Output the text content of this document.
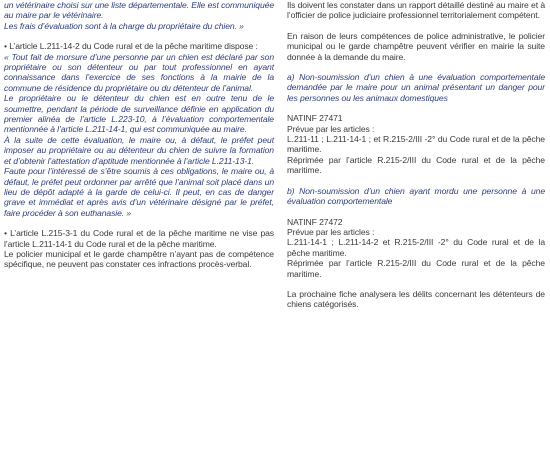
un vétérinaire choisi sur une liste départementale. Elle est communiquée au maire par le vétérinaire.

Les frais d’évaluation sont à la charge du propriétaire du chien. »

• L’article L.211-14-2 du Code rural et de la pêche maritime dispose :

« Tout fait de morsure d’une personne par un chien est déclaré par son propriétaire ou son détenteur ou par tout professionnel en ayant connaissance dans l’exercice de ses fonctions à la mairie de la commune de résidence du propriétaire ou du détenteur de l’animal.

Le propriétaire ou le détenteur du chien est en outre tenu de le soumettre, pendant la période de surveillance définie en application du premier alinéa de l’article L.223-10, à l’évaluation comportementale mentionnée à l’article L.211-14-1, qui est communiquée au maire.

À la suite de cette évaluation, le maire ou, à défaut, le préfet peut imposer au propriétaire ou au détenteur du chien de suivre la formation et d’obtenir l’attestation d’aptitude mentionnée à l’article L.211-13-1.

Faute pour l’intéressé de s’être soumis à ces obligations, le maire ou, à défaut, le préfet peut ordonner par arrêté que l’animal soit placé dans un lieu de dépôt adapté à la garde de celui-ci. Il peut, en cas de danger grave et immédiat et après avis d’un vétérinaire désigné par le préfet, faire procéder à son euthanasie. »

• L’article L.215-3-1 du Code rural et de la pêche maritime ne vise pas l’article L.211-14-1 du Code rural et de la pêche maritime.

Le policier municipal et le garde champêtre n’ayant pas de compétence spécifique, ne peuvent pas constater ces infractions procès-verbal.

Ils doivent les constater dans un rapport détaillé destiné au maire et à l’officier de police judiciaire professionnel territorialement compétent.

En raison de leurs compétences de police administrative, le policier municipal ou le garde champêtre peuvent vérifier en mairie la suite donnée à la demande du maire.

a) Non-soumission d’un chien à une évaluation comportementale demandée par le maire pour un animal présentant un danger pour les personnes ou les animaux domestiques

NATINF 27471

Prévue par les articles :

L.211-11 ; L.211-14-1 ; et R.215-2/III -2° du Code rural et de la pêche maritime.

Réprimée par l’article R.215-2/III du Code rural et de la pêche maritime.

b) Non-soumission d’un chien ayant mordu une personne à une évaluation comportementale

NATINF 27472

Prévue par les articles :

L.211-14-1 ; L.211-14-2 et R.215-2/III -2° du Code rural et de la pêche maritime.

Réprimée par l’article R.215-2/III du Code rural et de la pêche maritime.

La prochaine fiche analysera les délits concernant les détenteurs de chiens catégorisés.
